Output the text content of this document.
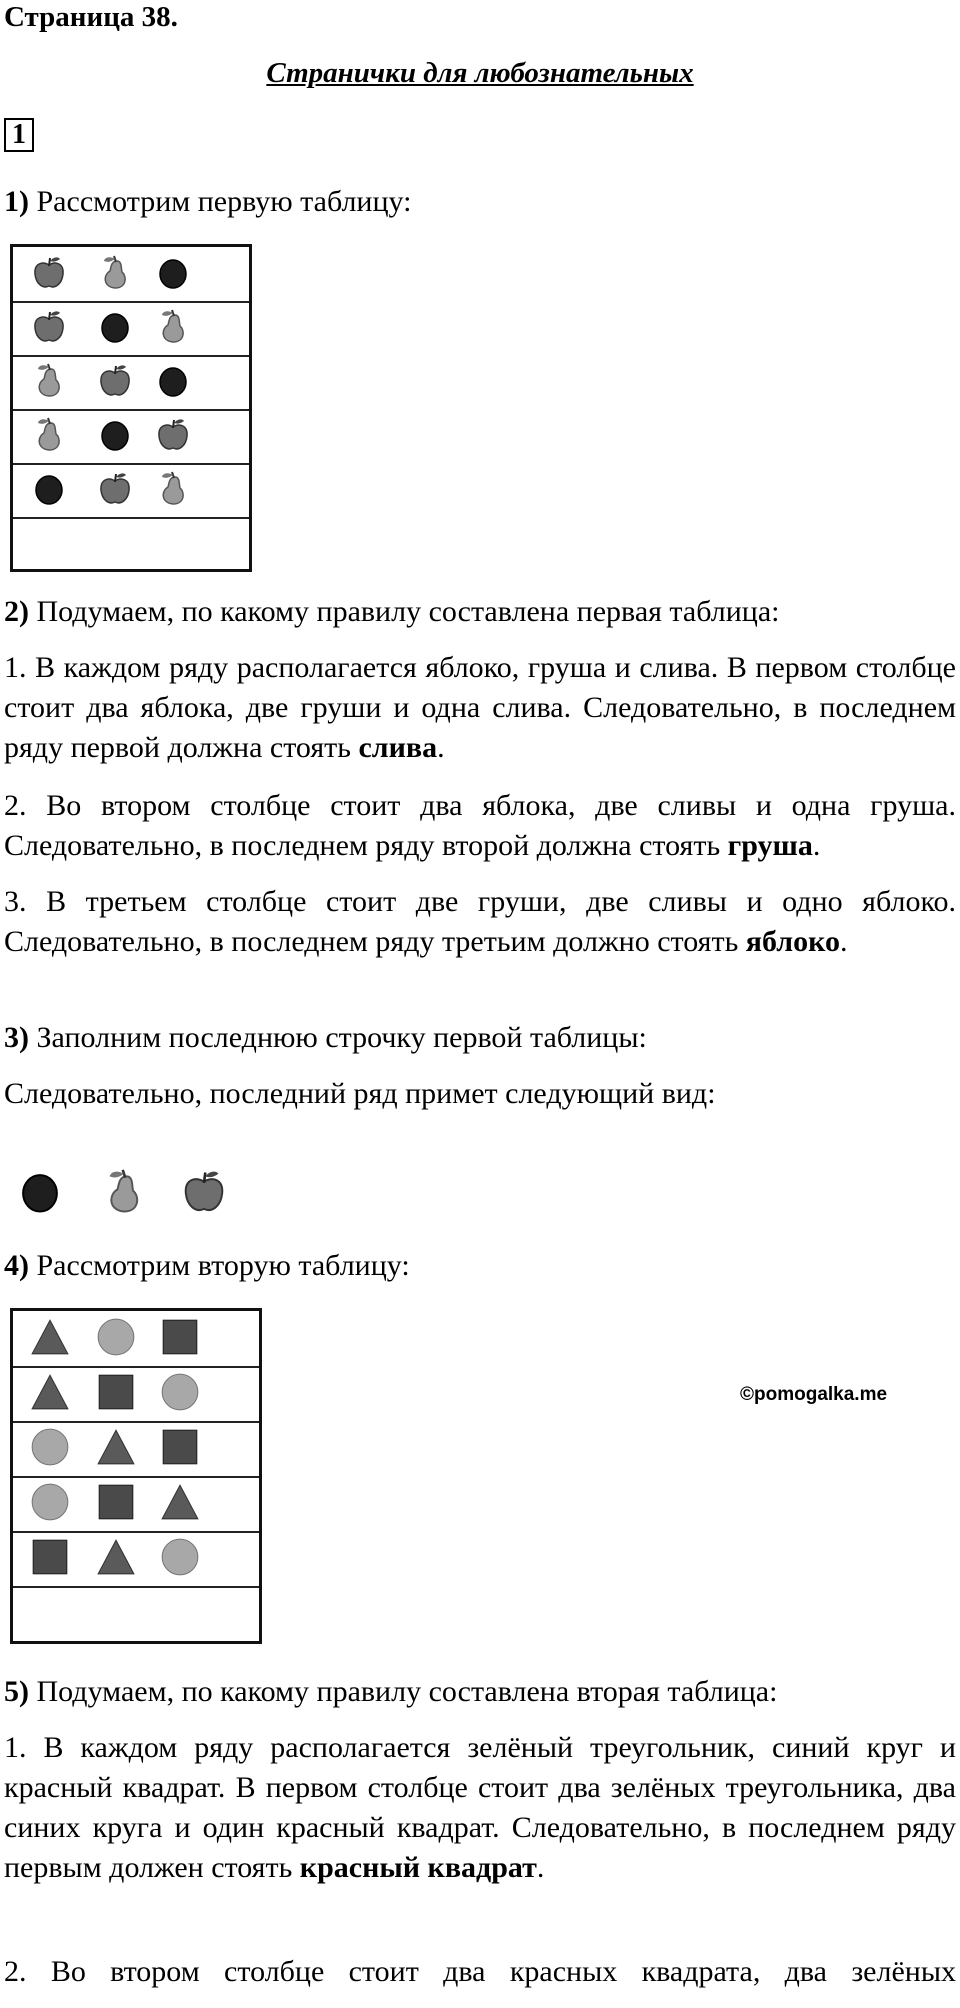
Страница 38.
Странички для любознательных
1

1) Рассмотрим первую таблицу:

2) Подумаем, по какому правилу составлена первая таблица:

1. В каждом ряду располагается яблоко, груша и слива. В первом столбце стоит два яблока, две груши и одна слива. Следовательно, в последнем ряду первой должна стоять слива.

2. Во втором столбце стоит два яблока, две сливы и одна груша. Следовательно, в последнем ряду второй должна стоять груша.

3. В третьем столбце стоит две груши, две сливы и одно яблоко. Следовательно, в последнем ряду третьим должно стоять яблоко.

3) Заполним последнюю строчку первой таблицы:

Следовательно, последний ряд примет следующий вид:

4) Рассмотрим вторую таблицу:

©pomogalka.me

5) Подумаем, по какому правилу составлена вторая таблица:

1. В каждом ряду располагается зелёный треугольник, синий круг и красный квадрат. В первом столбце стоит два зелёных треугольника, два синих круга и один красный квадрат. Следовательно, в последнем ряду первым должен стоять красный квадрат.

2. Во втором столбце стоит два красных квадрата, два зелёных
